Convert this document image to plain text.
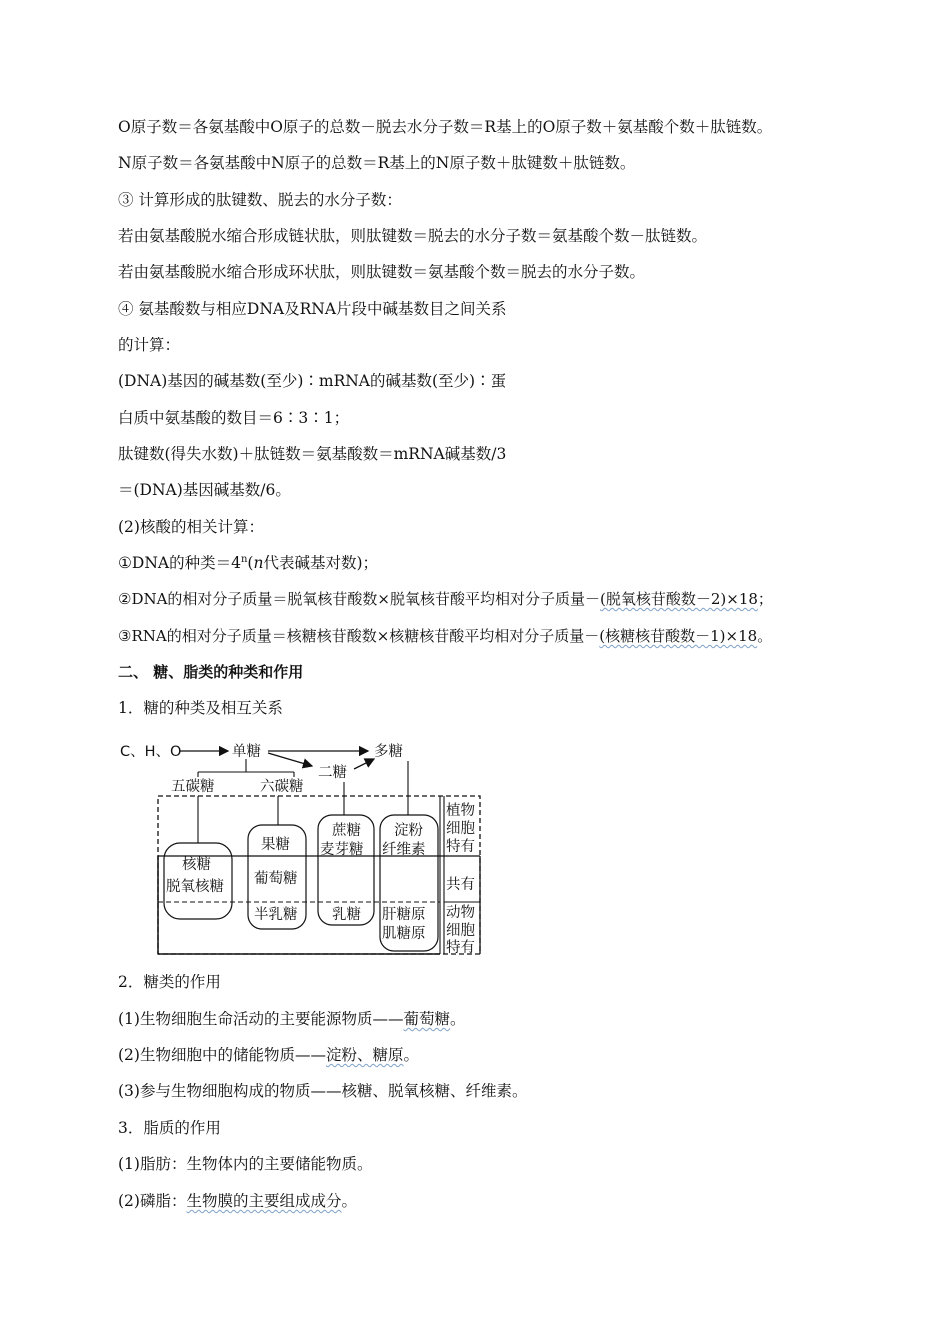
O原子数＝各氨基酸中O原子的总数－脱去水分子数＝R基上的O原子数＋氨基酸个数＋肽链数。
N原子数＝各氨基酸中N原子的总数＝R基上的N原子数＋肽键数＋肽链数。
③ 计算形成的肽键数、脱去的水分子数：
若由氨基酸脱水缩合形成链状肽，则肽键数＝脱去的水分子数＝氨基酸个数－肽链数。
若由氨基酸脱水缩合形成环状肽，则肽键数＝氨基酸个数＝脱去的水分子数。
④ 氨基酸数与相应DNA及RNA片段中碱基数目之间关系
的计算：
(DNA)基因的碱基数(至少)∶mRNA的碱基数(至少)∶蛋
白质中氨基酸的数目＝6∶3∶1；
肽键数(得失水数)＋肽链数＝氨基酸数＝mRNA碱基数/3
＝(DNA)基因碱基数/6。
(2)核酸的相关计算：
①DNA的种类$=4^n(n$代表碱基对数)；
②DNA的相对分子质量＝脱氧核苷酸数×脱氧核苷酸平均相对分子质量－(脱氧核苷酸数－2)×18；
③RNA的相对分子质量＝核糖核苷酸数×核糖核苷酸平均相对分子质量－(核糖核苷酸数－1)×18。
二、 糖、脂类的种类和作用
1．糖的种类及相互关系
C、H、O	单糖	多糖
二糖
五碳糖	六碳糖
核糖
脱氧核糖
果糖
葡萄糖
半乳糖
蔗糖
麦芽糖
乳糖
淀粉
纤维素
肝糖原
肌糖原
植物
细胞
特有
共有
动物
细胞
特有
2．糖类的作用
(1)生物细胞生命活动的主要能源物质——葡萄糖。
(2)生物细胞中的储能物质——淀粉、糖原。
(3)参与生物细胞构成的物质——核糖、脱氧核糖、纤维素。
3．脂质的作用
(1)脂肪：生物体内的主要储能物质。
(2)磷脂：生物膜的主要组成成分。
